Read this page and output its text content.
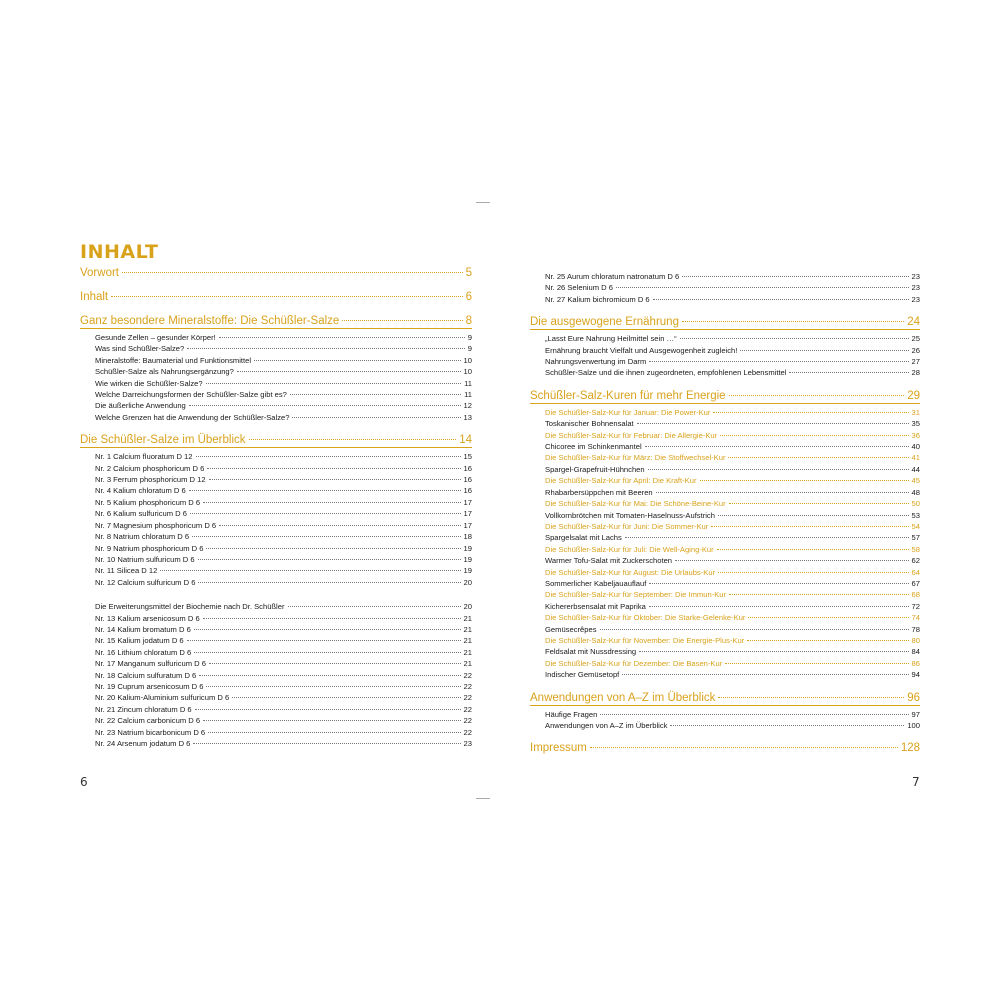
INHALT
Vorwort	5
Inhalt	6
Ganz besondere Mineralstoffe: Die Schüßler-Salze	8
Gesunde Zellen – gesunder Körper!	9
Was sind Schüßler-Salze?	9
Mineralstoffe: Baumaterial und Funktionsmittel	10
Schüßler-Salze als Nahrungsergänzung?	10
Wie wirken die Schüßler-Salze?	11
Welche Darreichungsformen der Schüßler-Salze gibt es?	11
Die äußerliche Anwendung	12
Welche Grenzen hat die Anwendung der Schüßler-Salze?	13
Die Schüßler-Salze im Überblick	14
Nr. 1 Calcium fluoratum D 12	15
Nr. 2 Calcium phosphoricum D 6	16
Nr. 3 Ferrum phosphoricum D 12	16
Nr. 4 Kalium chloratum D 6	16
Nr. 5 Kalium phosphoricum D 6	17
Nr. 6 Kalium sulfuricum D 6	17
Nr. 7 Magnesium phosphoricum D 6	17
Nr. 8 Natrium chloratum D 6	18
Nr. 9 Natrium phosphoricum D 6	19
Nr. 10 Natrium sulfuricum D 6	19
Nr. 11 Silicea D 12	19
Nr. 12 Calcium sulfuricum D 6	20
Die Erweiterungsmittel der Biochemie nach Dr. Schüßler	20
Nr. 13 Kalium arsenicosum D 6	21
Nr. 14 Kalium bromatum D 6	21
Nr. 15 Kalium jodatum D 6	21
Nr. 16 Lithium chloratum D 6	21
Nr. 17 Manganum sulfuricum D 6	21
Nr. 18 Calcium sulfuratum D 6	22
Nr. 19 Cuprum arsenicosum D 6	22
Nr. 20 Kalium-Aluminium sulfuricum D 6	22
Nr. 21 Zincum chloratum D 6	22
Nr. 22 Calcium carbonicum D 6	22
Nr. 23 Natrium bicarbonicum D 6	22
Nr. 24 Arsenum jodatum D 6	23
Nr. 25 Aurum chloratum natronatum D 6	23
Nr. 26 Selenium D 6	23
Nr. 27 Kalium bichromicum D 6	23
Die ausgewogene Ernährung	24
„Lasst Eure Nahrung Heilmittel sein …“	25
Ernährung braucht Vielfalt und Ausgewogenheit zugleich!	26
Nahrungsverwertung im Darm	27
Schüßler-Salze und die ihnen zugeordneten, empfohlenen Lebensmittel	28
Schüßler-Salz-Kuren für mehr Energie	29
Die Schüßler-Salz-Kur für Januar: Die Power-Kur	31
Toskanischer Bohnensalat	35
Die Schüßler-Salz-Kur für Februar: Die Allergie-Kur	36
Chicoree im Schinkenmantel	40
Die Schüßler-Salz-Kur für März: Die Stoffwechsel-Kur	41
Spargel-Grapefruit-Hühnchen	44
Die Schüßler-Salz-Kur für April: Die Kraft-Kur	45
Rhabarbersüppchen mit Beeren	48
Die Schüßler-Salz-Kur für Mai: Die Schöne-Beine-Kur	50
Vollkornbrötchen mit Tomaten-Haselnuss-Aufstrich	53
Die Schüßler-Salz-Kur für Juni: Die Sommer-Kur	54
Spargelsalat mit Lachs	57
Die Schüßler-Salz-Kur für Juli: Die Well-Aging-Kur	58
Warmer Tofu-Salat mit Zuckerschoten	62
Die Schüßler-Salz-Kur für August: Die Urlaubs-Kur	64
Sommerlicher Kabeljauauflauf	67
Die Schüßler-Salz-Kur für September: Die Immun-Kur	68
Kichererbsensalat mit Paprika	72
Die Schüßler-Salz-Kur für Oktober: Die Starke-Gelenke-Kur	74
Gemüsecrêpes	78
Die Schüßler-Salz-Kur für November: Die Energie-Plus-Kur	80
Feldsalat mit Nussdressing	84
Die Schüßler-Salz-Kur für Dezember: Die Basen-Kur	86
Indischer Gemüsetopf	94
Anwendungen von A–Z im Überblick	96
Häufige Fragen	97
Anwendungen von A–Z im Überblick	100
Impressum	128
6	7
